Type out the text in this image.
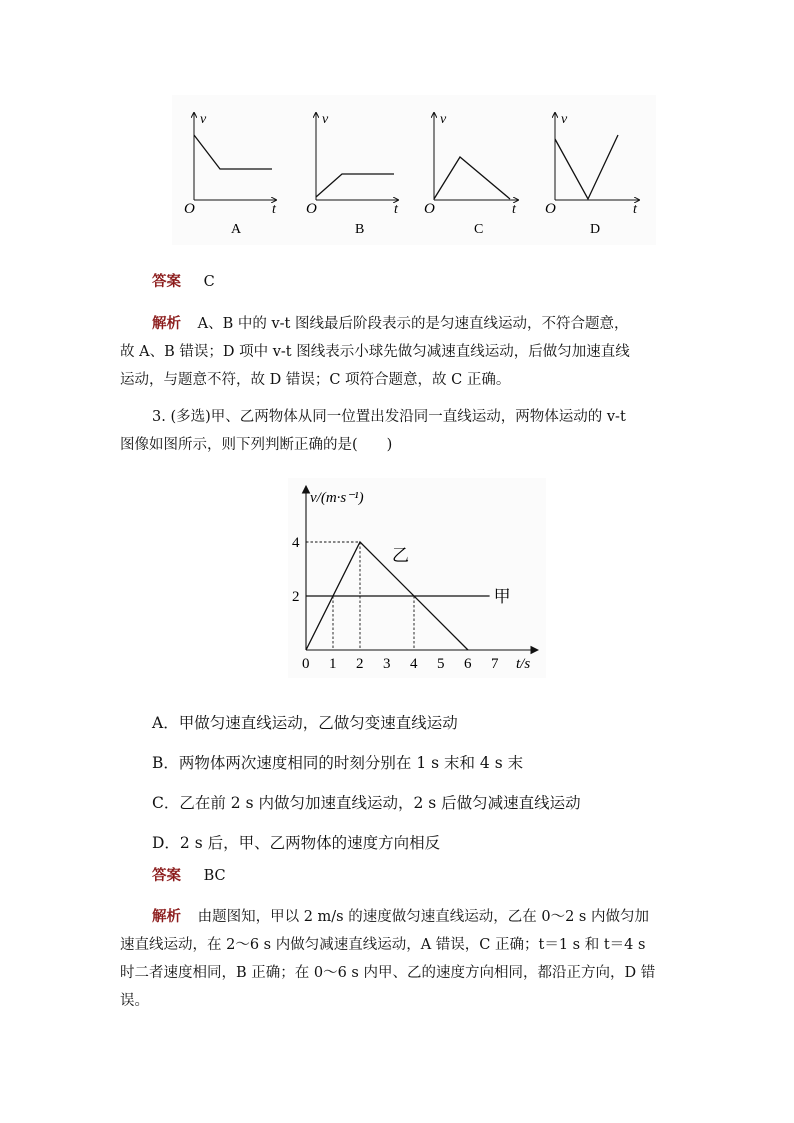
v
O	t
A
v
O	t
B
v
O	t
C
v
O	t
D
答案 C
解析 A、B 中的 v-t 图线最后阶段表示的是匀速直线运动，不符合题意，
故 A、B 错误；D 项中 v-t 图线表示小球先做匀减速直线运动，后做匀加速直线
运动，与题意不符，故 D 错误；C 项符合题意，故 C 正确。
3. (多选)甲、乙两物体从同一位置出发沿同一直线运动，两物体运动的 v-t
图像如图所示，则下列判断正确的是(　　)
v/(m·s⁻¹)
t/s
甲
乙
0 1 2 3 4 5 6 7
2
4
A．甲做匀速直线运动，乙做匀变速直线运动
B．两物体两次速度相同的时刻分别在 1 s 末和 4 s 末
C．乙在前 2 s 内做匀加速直线运动，2 s 后做匀减速直线运动
D．2 s 后，甲、乙两物体的速度方向相反
答案 BC
解析 由题图知，甲以 2 m/s 的速度做匀速直线运动，乙在 0～2 s 内做匀加
速直线运动，在 2～6 s 内做匀减速直线运动，A 错误，C 正确；t＝1 s 和 t＝4 s
时二者速度相同，B 正确；在 0～6 s 内甲、乙的速度方向相同，都沿正方向，D 错
误。
